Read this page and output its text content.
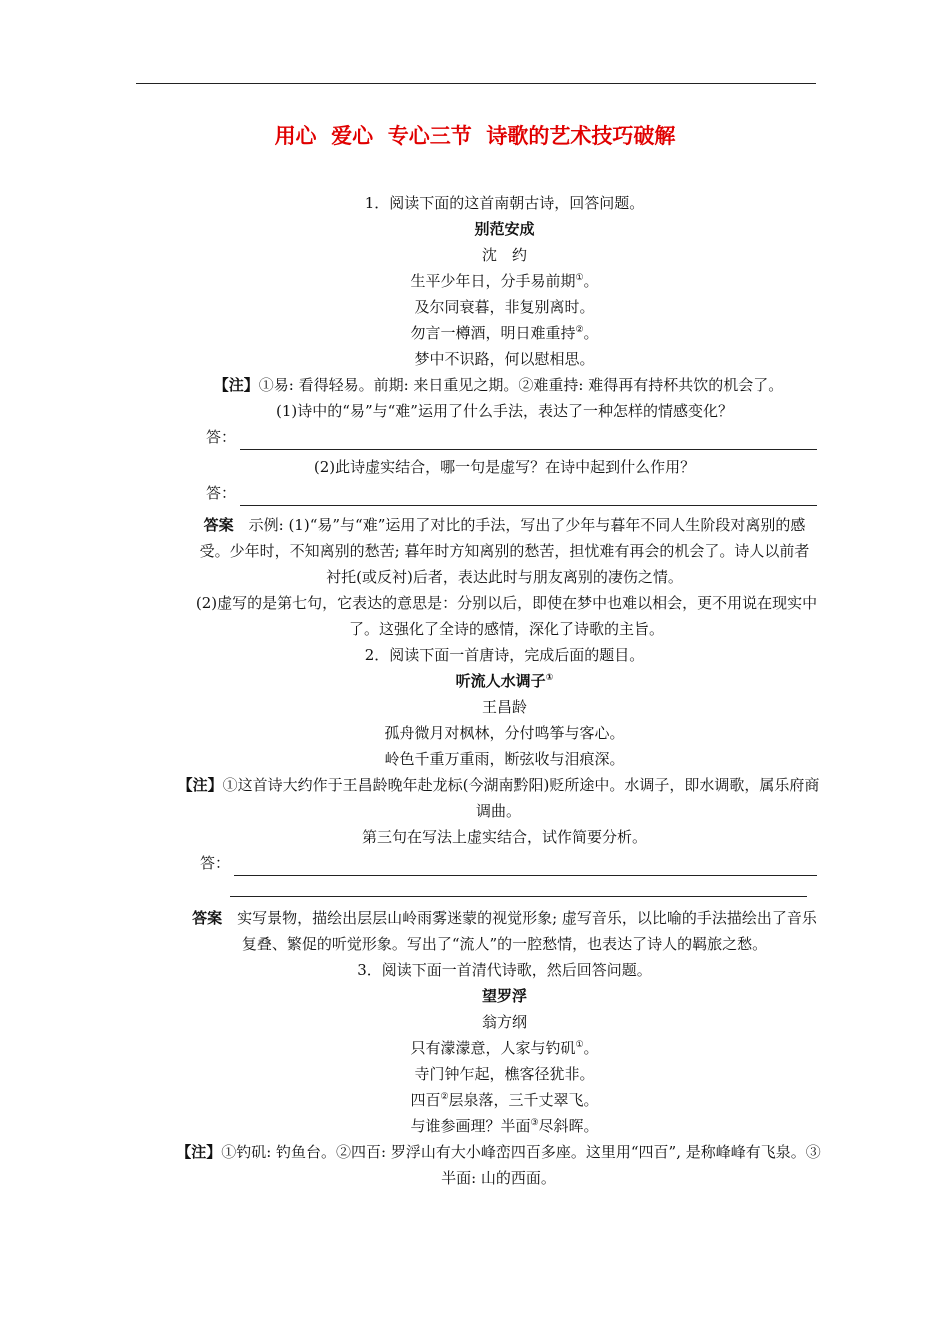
用心  爱心  专心三节  诗歌的艺术技巧破解
1．阅读下面的这首南朝古诗，回答问题。
别范安成
沈　约
生平少年日，分手易前期①。
及尔同衰暮，非复别离时。
勿言一樽酒，明日难重持②。
梦中不识路，何以慰相思。
【注】①易: 看得轻易。前期: 来日重见之期。②难重持: 难得再有持杯共饮的机会了。
(1)诗中的“易”与“难”运用了什么手法，表达了一种怎样的情感变化？
答：
(2)此诗虚实结合，哪一句是虚写？在诗中起到什么作用？
答：
答案　示例: (1)“易”与“难”运用了对比的手法，写出了少年与暮年不同人生阶段对离别的感受。少年时，不知离别的愁苦; 暮年时方知离别的愁苦，担忧难有再会的机会了。诗人以前者衬托(或反衬)后者，表达此时与朋友离别的凄伤之情。
(2)虚写的是第七句，它表达的意思是：分别以后，即使在梦中也难以相会，更不用说在现实中了。这强化了全诗的感情，深化了诗歌的主旨。
2．阅读下面一首唐诗，完成后面的题目。
听流人水调子①
王昌龄
孤舟微月对枫林，分付鸣筝与客心。
岭色千重万重雨，断弦收与泪痕深。
【注】①这首诗大约作于王昌龄晚年赴龙标(今湖南黔阳)贬所途中。水调子，即水调歌，属乐府商调曲。
第三句在写法上虚实结合，试作简要分析。
答：
答案　实写景物，描绘出层层山岭雨雾迷蒙的视觉形象; 虚写音乐，以比喻的手法描绘出了音乐复叠、繁促的听觉形象。写出了“流人”的一腔愁情，也表达了诗人的羁旅之愁。
3．阅读下面一首清代诗歌，然后回答问题。
望罗浮
翁方纲
只有濛濛意，人家与钓矶①。
寺门钟乍起，樵客径犹非。
四百②层泉落，三千丈翠飞。
与谁参画理？半面③尽斜晖。
【注】①钓矶: 钓鱼台。②四百: 罗浮山有大小峰峦四百多座。这里用“四百”, 是称峰峰有飞泉。③半面: 山的西面。
